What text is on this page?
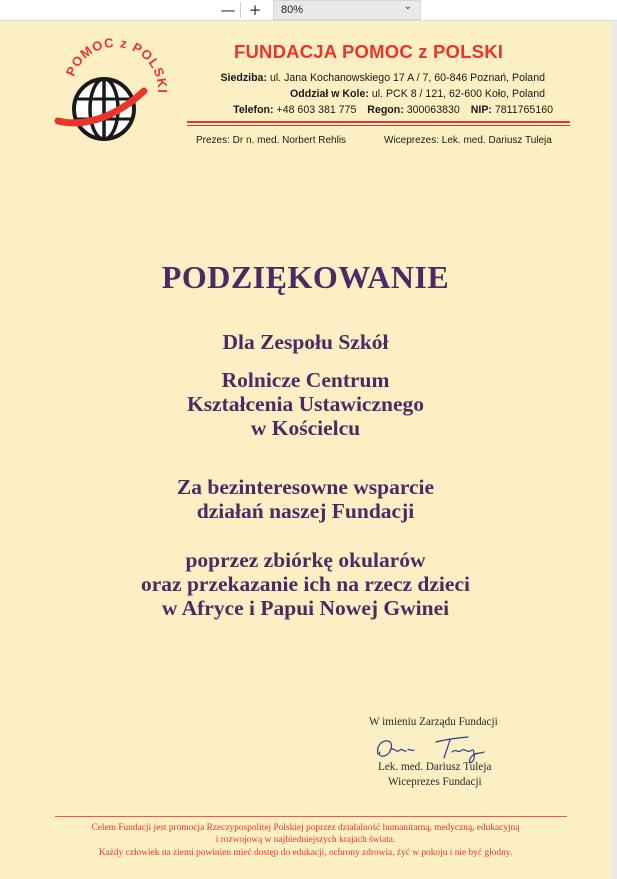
— +	80%	⌄
POMOC z POLSKI
FUNDACJA POMOC z POLSKI
Siedziba: ul. Jana Kochanowskiego 17 A / 7, 60-846 Poznań, Poland
Oddział w Kole: ul. PCK 8 / 121, 62-600 Koło, Poland
Telefon: +48 603 381 775 Regon: 300063830 NIP: 7811765160
Prezes: Dr n. med. Norbert Rehlis	Wiceprezes: Lek. med. Dariusz Tuleja
PODZIĘKOWANIE
Dla Zespołu Szkół
Rolnicze Centrum
Kształcenia Ustawicznego
w Kościelcu
Za bezinteresowne wsparcie
działań naszej Fundacji
poprzez zbiórkę okularów
oraz przekazanie ich na rzecz dzieci
w Afryce i Papui Nowej Gwinei
W imieniu Zarządu Fundacji
Lek. med. Dariusz Tuleja
Wiceprezes Fundacji
Celem Fundacji jest promocja Rzeczypospolitej Polskiej poprzez działalność humanitarną, medyczną, edukacyjną
i rozwojową w najbiedniejszych krajach świata.
Każdy człowiek na ziemi powinien mieć dostęp do edukacji, ochrony zdrowia, żyć w pokoju i nie być głodny.
